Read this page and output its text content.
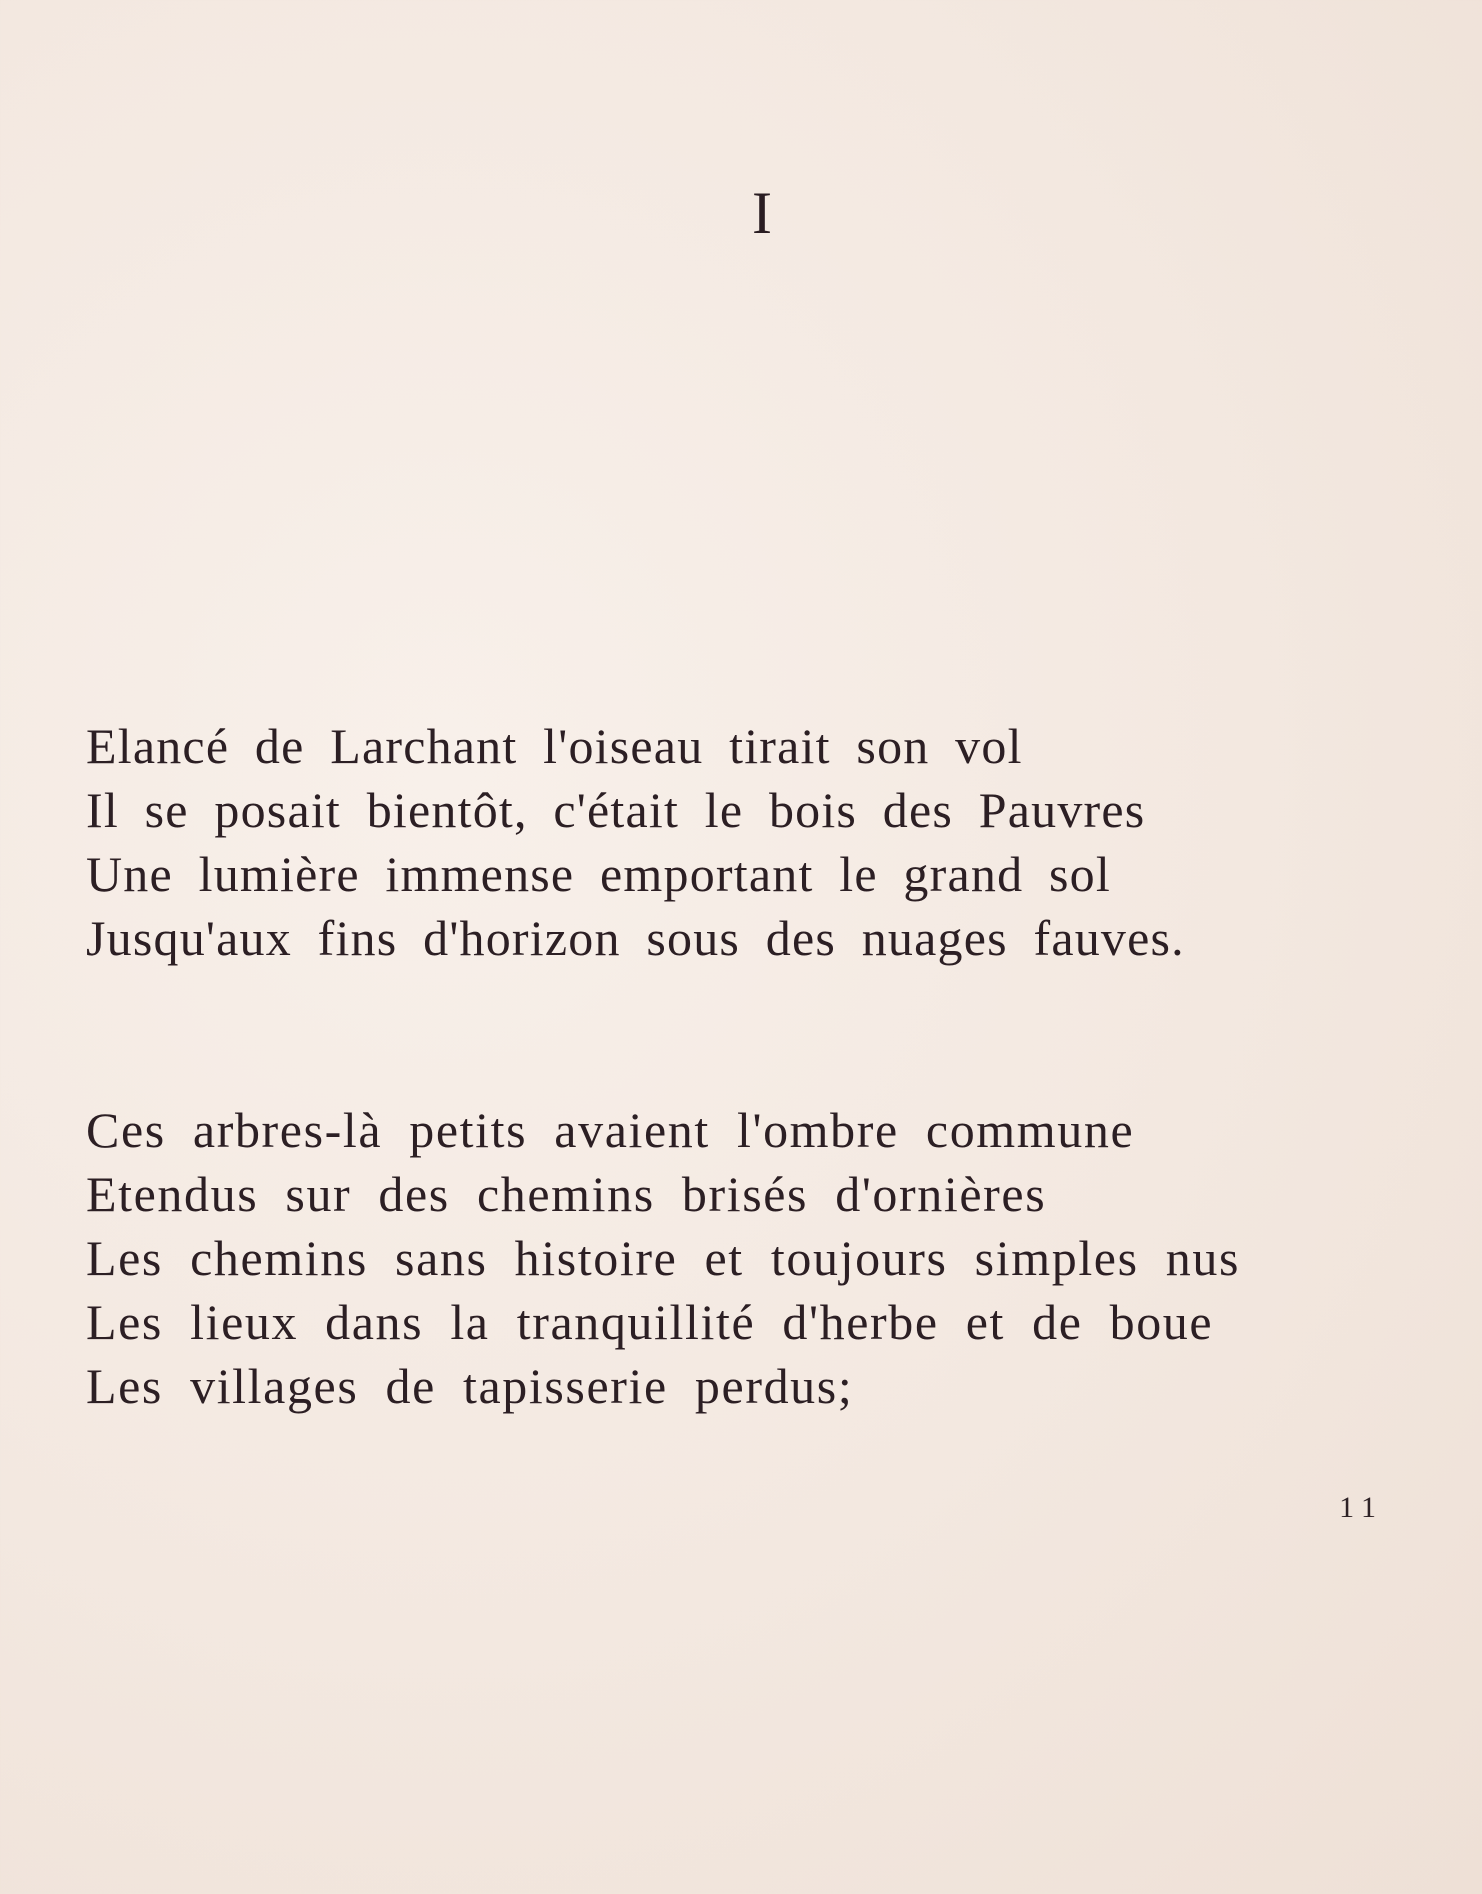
I
Elancé de Larchant l'oiseau tirait son vol
Il se posait bientôt, c'était le bois des Pauvres
Une lumière immense emportant le grand sol
Jusqu'aux fins d'horizon sous des nuages fauves.
Ces arbres-là petits avaient l'ombre commune
Etendus sur des chemins brisés d'ornières
Les chemins sans histoire et toujours simples nus
Les lieux dans la tranquillité d'herbe et de boue
Les villages de tapisserie perdus;
11
